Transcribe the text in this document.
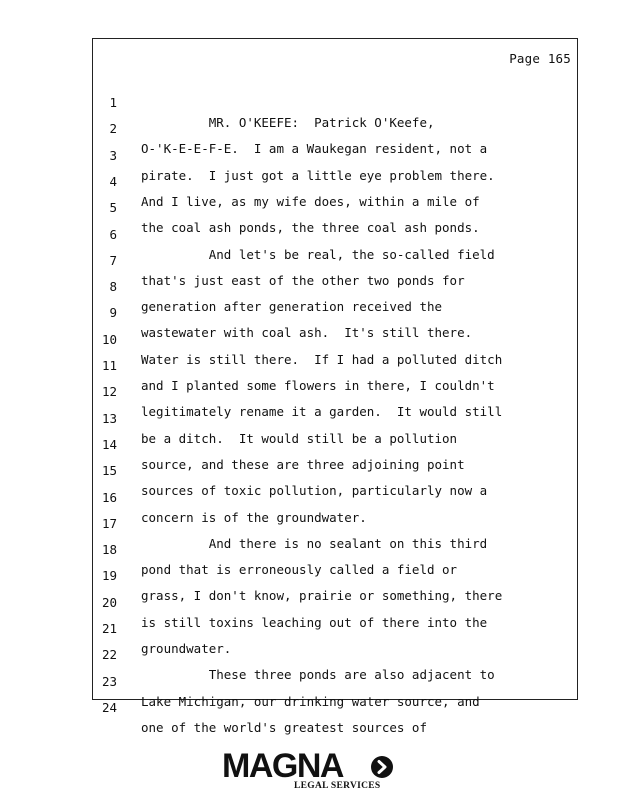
Page 165

1

MR. O'KEEFE:  Patrick O'Keefe,

2

O-'K-E-E-F-E.  I am a Waukegan resident, not a

3

pirate.  I just got a little eye problem there.

4

And I live, as my wife does, within a mile of

5

the coal ash ponds, the three coal ash ponds.

6

And let's be real, the so-called field

7

that's just east of the other two ponds for

8

generation after generation received the

9

wastewater with coal ash.  It's still there.

10

Water is still there.  If I had a polluted ditch

11

and I planted some flowers in there, I couldn't

12

legitimately rename it a garden.  It would still

13

be a ditch.  It would still be a pollution

14

source, and these are three adjoining point

15

sources of toxic pollution, particularly now a

16

concern is of the groundwater.

17

And there is no sealant on this third

18

pond that is erroneously called a field or

19

grass, I don't know, prairie or something, there

20

is still toxins leaching out of there into the

21

groundwater.

22

These three ponds are also adjacent to

23

Lake Michigan, our drinking water source, and

24

one of the world's greatest sources of

MAGNA
LEGAL SERVICES
